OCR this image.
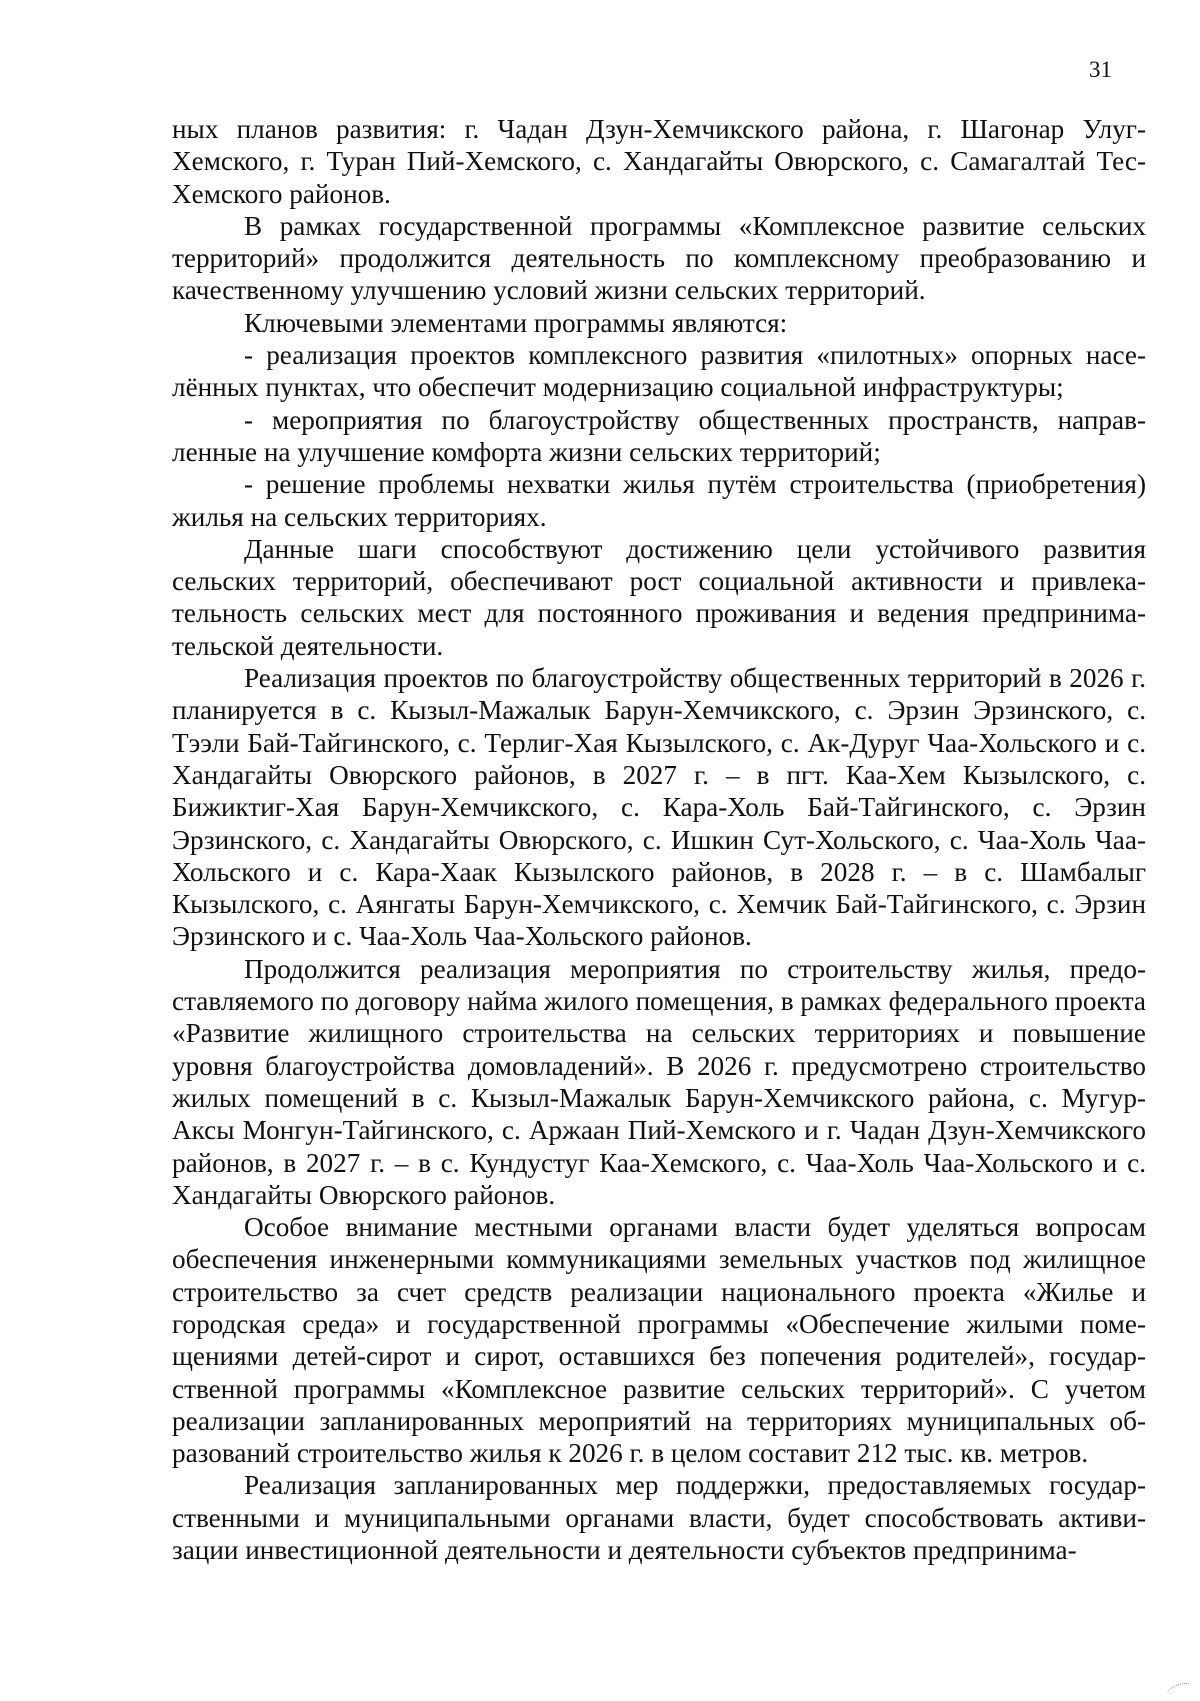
31

ных планов развития: г. Чадан Дзун-Хемчикского района, г. Шагонар Улуг-Хемского, г. Туран Пий-Хемского, с. Хандагайты Овюрского, с. Самагалтай Тес-Хемского районов.

В рамках государственной программы «Комплексное развитие сельских территорий» продолжится деятельность по комплексному преобразованию и качественному улучшению условий жизни сельских территорий.

Ключевыми элементами программы являются:

- реализация проектов комплексного развития «пилотных» опорных населённых пунктах, что обеспечит модернизацию социальной инфраструктуры;

- мероприятия по благоустройству общественных пространств, направленные на улучшение комфорта жизни сельских территорий;

- решение проблемы нехватки жилья путём строительства (приобретения) жилья на сельских территориях.

Данные шаги способствуют достижению цели устойчивого развития сельских территорий, обеспечивают рост социальной активности и привлекательность сельских мест для постоянного проживания и ведения предпринимательской деятельности.

Реализация проектов по благоустройству общественных территорий в 2026 г. планируется в с. Кызыл-Мажалык Барун-Хемчикского, с. Эрзин Эрзинского, с. Тээли Бай-Тайгинского, с. Терлиг-Хая Кызылского, с. Ак-Дуруг Чаа-Хольского и с. Хандагайты Овюрского районов, в 2027 г. – в пгт. Каа-Хем Кызылского, с. Бижиктиг-Хая Барун-Хемчикского, с. Кара-Холь Бай-Тайгинского, с. Эрзин Эрзинского, с. Хандагайты Овюрского, с. Ишкин Сут-Хольского, с. Чаа-Холь Чаа-Хольского и с. Кара-Хаак Кызылского районов, в 2028 г. – в с. Шамбалыг Кызылского, с. Аянгаты Барун-Хемчикского, с. Хемчик Бай-Тайгинского, с. Эрзин Эрзинского и с. Чаа-Холь Чаа-Хольского районов.

Продолжится реализация мероприятия по строительству жилья, предоставляемого по договору найма жилого помещения, в рамках федерального проекта «Развитие жилищного строительства на сельских территориях и повышение уровня благоустройства домовладений». В 2026 г. предусмотрено строительство жилых помещений в с. Кызыл-Мажалык Барун-Хемчикского района, с. Мугур-Аксы Монгун-Тайгинского, с. Аржаан Пий-Хемского и г. Чадан Дзун-Хемчикского районов, в 2027 г. – в с. Кундустуг Каа-Хемского, с. Чаа-Холь Чаа-Хольского и с. Хандагайты Овюрского районов.

Особое внимание местными органами власти будет уделяться вопросам обеспечения инженерными коммуникациями земельных участков под жилищное строительство за счет средств реализации национального проекта «Жилье и городская среда» и государственной программы «Обеспечение жилыми помещениями детей-сирот и сирот, оставшихся без попечения родителей», государственной программы «Комплексное развитие сельских территорий». С учетом реализации запланированных мероприятий на территориях муниципальных образований строительство жилья к 2026 г. в целом составит 212 тыс. кв. метров.

Реализация запланированных мер поддержки, предоставляемых государственными и муниципальными органами власти, будет способствовать активизации инвестиционной деятельности и деятельности субъектов предпринима-
